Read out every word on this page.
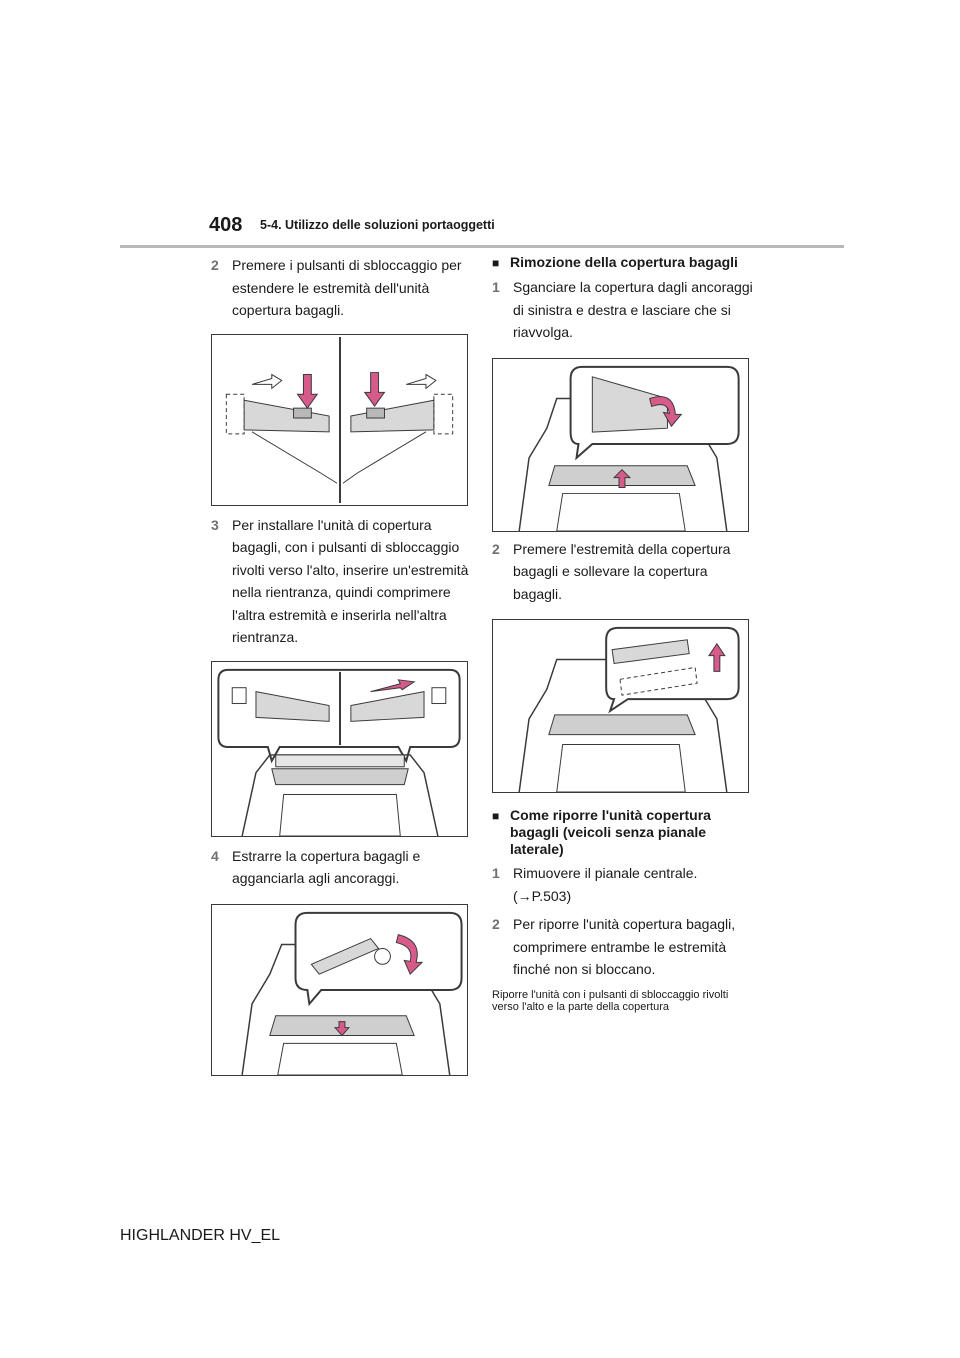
408 5-4. Utilizzo delle soluzioni portaoggetti
2 Premere i pulsanti di sbloccaggio per estendere le estremità dell'unità copertura bagagli.
3 Per installare l'unità di copertura bagagli, con i pulsanti di sbloccaggio rivolti verso l'alto, inserire un'estremità nella rientranza, quindi comprimere l'altra estremità e inserirla nell'altra rientranza.
4 Estrarre la copertura bagagli e agganciarla agli ancoraggi.
■ Rimozione della copertura bagagli
1 Sganciare la copertura dagli ancoraggi di sinistra e destra e lasciare che si riavvolga.
2 Premere l'estremità della copertura bagagli e sollevare la copertura bagagli.
■ Come riporre l'unità copertura bagagli (veicoli senza pianale laterale)
1 Rimuovere il pianale centrale. (→P.503)
2 Per riporre l'unità copertura bagagli, comprimere entrambe le estremità finché non si bloccano.
Riporre l'unità con i pulsanti di sbloccaggio rivolti verso l'alto e la parte della copertura
HIGHLANDER HV_EL
